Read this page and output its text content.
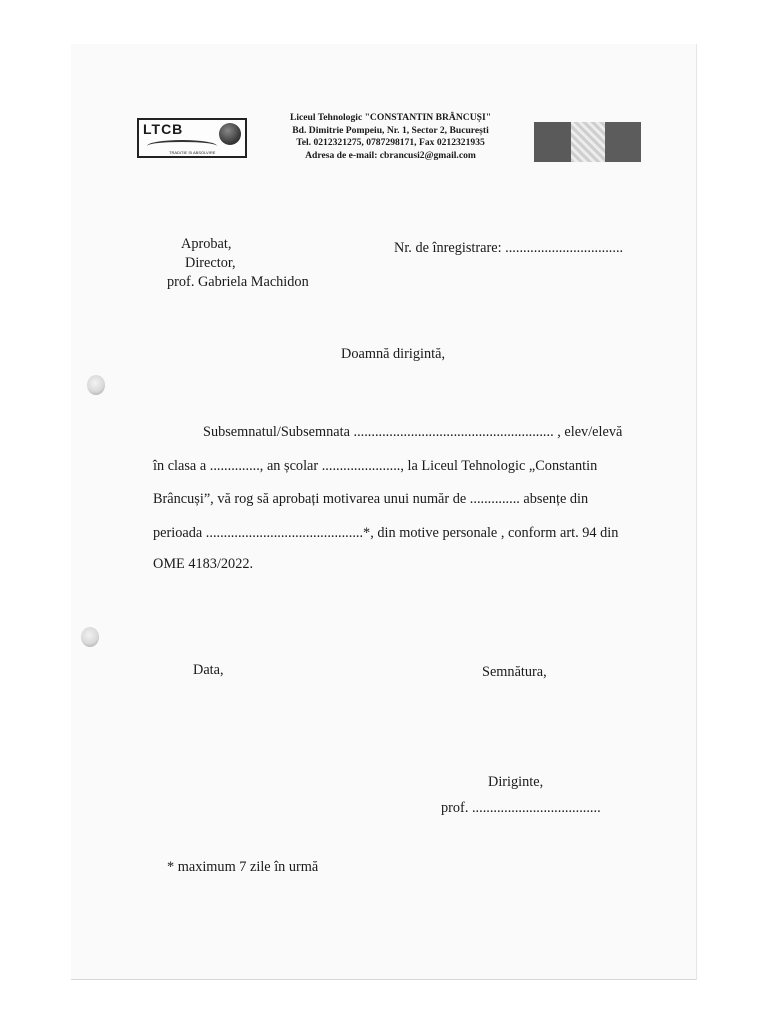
LTCB
TRADITIE SI ABSOLVIRE
Liceul Tehnologic "CONSTANTIN BRÂNCUȘI"
Bd. Dimitrie Pompeiu, Nr. 1, Sector 2, București
Tel. 0212321275, 0787298171, Fax 0212321935
Adresa de e-mail: cbrancusi2@gmail.com
Aprobat,
Director,
prof. Gabriela Machidon
Nr. de înregistrare: .................................
Doamnă dirigintă,
Subsemnatul/Subsemnata ........................................................ , elev/elevă
în clasa a .............., an școlar ......................, la Liceul Tehnologic „Constantin
Brâncuși”, vă rog să aprobați motivarea unui număr de .............. absențe din
perioada ............................................*, din motive personale , conform art. 94 din
OME 4183/2022.
Data,	Semnătura,
Diriginte,
prof. ....................................
* maximum 7 zile în urmă
